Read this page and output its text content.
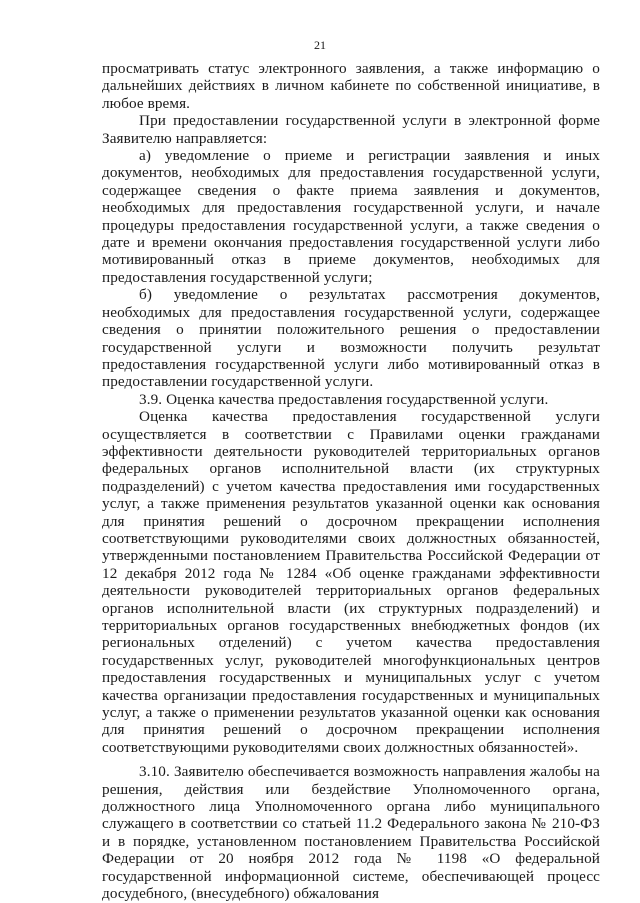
21

просматривать статус электронного заявления, а также информацию о дальнейших действиях в личном кабинете по собственной инициативе, в любое время.

При предоставлении государственной услуги в электронной форме Заявителю направляется:

а) уведомление о приеме и регистрации заявления и иных документов, необходимых для предоставления государственной услуги, содержащее сведения о факте приема заявления и документов, необходимых для предоставления государственной услуги, и начале процедуры предоставления государственной услуги, а также сведения о дате и времени окончания предоставления государственной услуги либо мотивированный отказ в приеме документов, необходимых для предоставления государственной услуги;

б) уведомление о результатах рассмотрения документов, необходимых для предоставления государственной услуги, содержащее сведения о принятии положительного решения о предоставлении государственной услуги и возможности получить результат предоставления государственной услуги либо мотивированный отказ в предоставлении государственной услуги.

3.9. Оценка качества предоставления государственной услуги.

Оценка качества предоставления государственной услуги осуществляется в соответствии с Правилами оценки гражданами эффективности деятельности руководителей территориальных органов федеральных органов исполнительной власти (их структурных подразделений) с учетом качества предоставления ими государственных услуг, а также применения результатов указанной оценки как основания для принятия решений о досрочном прекращении исполнения соответствующими руководителями своих должностных обязанностей, утвержденными постановлением Правительства Российской Федерации от 12 декабря 2012 года № 1284 «Об оценке гражданами эффективности деятельности руководителей территориальных органов федеральных органов исполнительной власти (их структурных подразделений) и территориальных органов государственных внебюджетных фондов (их региональных отделений) с учетом качества предоставления государственных услуг, руководителей многофункциональных центров предоставления государственных и муниципальных услуг с учетом качества организации предоставления государственных и муниципальных услуг, а также о применении результатов указанной оценки как основания для принятия решений о досрочном прекращении исполнения соответствующими руководителями своих должностных обязанностей».

3.10. Заявителю обеспечивается возможность направления жалобы на решения, действия или бездействие Уполномоченного органа, должностного лица Уполномоченного органа либо муниципального служащего в соответствии со статьей 11.2 Федерального закона № 210-ФЗ и в порядке, установленном постановлением Правительства Российской Федерации от 20 ноября 2012 года № 1198 «О федеральной государственной информационной системе, обеспечивающей процесс досудебного, (внесудебного) обжалования
